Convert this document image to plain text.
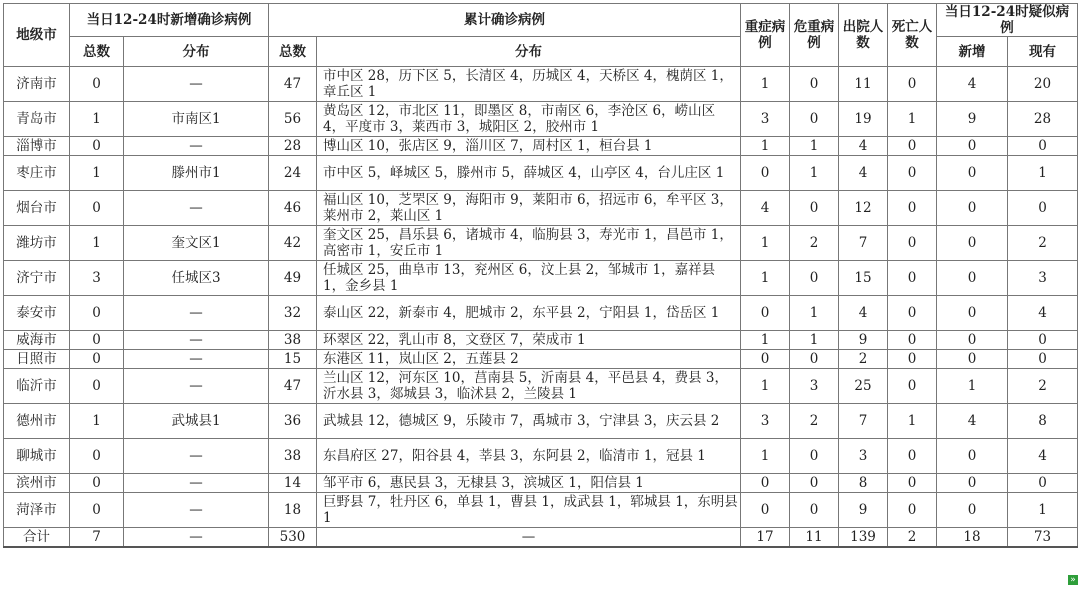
地级市	当日12-24时新增确诊病例		累计确诊病例		重症病例	危重病例	出院人数	死亡人数	当日12-24时疑似病例	
	总数	分布	总数	分布					新增	现有
济南市	0	—	47	市中区 28，历下区 5，长清区 4，历城区 4，天桥区 4，槐荫区 1，章丘区 1	1	0	11	0	4	20
青岛市	1	市南区1	56	黄岛区 12，市北区 11，即墨区 8，市南区 6，李沧区 6，崂山区 4，平度市 3，莱西市 3，城阳区 2，胶州市 1	3	0	19	1	9	28
淄博市	0	—	28	博山区 10，张店区 9，淄川区 7，周村区 1，桓台县 1	1	1	4	0	0	0
枣庄市	1	滕州市1	24	市中区 5，峄城区 5，滕州市 5，薛城区 4，山亭区 4，台儿庄区 1	0	1	4	0	0	1
烟台市	0	—	46	福山区 10，芝罘区 9，海阳市 9，莱阳市 6，招远市 6，牟平区 3，莱州市 2，莱山区 1	4	0	12	0	0	0
潍坊市	1	奎文区1	42	奎文区 25，昌乐县 6，诸城市 4，临朐县 3，寿光市 1，昌邑市 1，高密市 1，安丘市 1	1	2	7	0	0	2
济宁市	3	任城区3	49	任城区 25，曲阜市 13，兖州区 6，汶上县 2，邹城市 1，嘉祥县 1，金乡县 1	1	0	15	0	0	3
泰安市	0	—	32	泰山区 22，新泰市 4，肥城市 2，东平县 2，宁阳县 1，岱岳区 1	0	1	4	0	0	4
威海市	0	—	38	环翠区 22，乳山市 8，文登区 7，荣成市 1	1	1	9	0	0	0
日照市	0	—	15	东港区 11，岚山区 2，五莲县 2	0	0	2	0	0	0
临沂市	0	—	47	兰山区 12，河东区 10，莒南县 5，沂南县 4，平邑县 4，费县 3，沂水县 3，郯城县 3，临沭县 2，兰陵县 1	1	3	25	0	1	2
德州市	1	武城县1	36	武城县 12，德城区 9，乐陵市 7，禹城市 3，宁津县 3，庆云县 2	3	2	7	1	4	8
聊城市	0	—	38	东昌府区 27，阳谷县 4，莘县 3，东阿县 2，临清市 1，冠县 1	1	0	3	0	0	4
滨州市	0	—	14	邹平市 6，惠民县 3，无棣县 3，滨城区 1，阳信县 1	0	0	8	0	0	0
菏泽市	0	—	18	巨野县 7，牡丹区 6，单县 1，曹县 1，成武县 1，郓城县 1，东明县 1	0	0	9	0	0	1
合计	7	—	530	—	17	11	139	2	18	73
»
